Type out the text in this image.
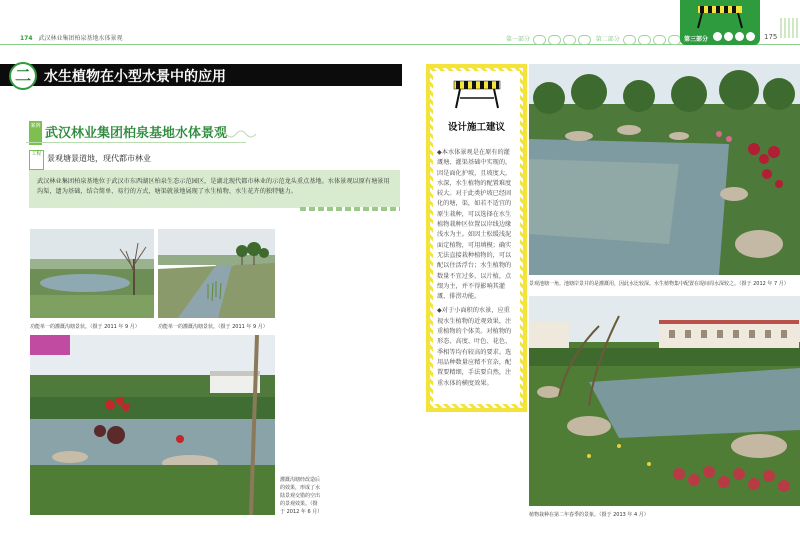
174 武汉林业集团柏泉基地水体景观	第一部分	第二部分	第三部分	175
二 水生植物在小型水景中的应用
案例 武汉林业集团柏泉基地水体景观
工程 景观塘景道地，现代都市林业
武汉林业集团柏泉基地位于武汉市东西湖区柏泉生态示范园区，是湖北现代都市林业的示范龙头重点基地。水体景观以原有塘景用沟渠，遗为基础，结合简单、易行的方式，塘渠就景地展现了水生植物、水生花卉的独特魅力。
功能单一的灌溉沟塘景状。（摄于 2011 年 9 月）	功能单一的灌溉沟塘景状。（摄于 2011 年 9 月）
灌溉沟塘经改造后的效果，形成了水陆景观交错的空出的景观效果。（摄于 2012 年 6 月）
设计施工建议

◆本水体景观是在原有的灌溉塘、灌渠基础中实现的，因是面化护坡，且坡度大，水深，水生植物的配置难度较大。对于此类护坡已经固化的塘，渠，如若不适宜的原生栽种，可以选择在水生植物栽种区位置以岸线边缘浅水为主。如因土松缓浅泥面定植物，可用填模；确实无法直接栽种植物的，可以配以住活浮台；水生植物的数量不宜过多，以片植，点缀为主，并不得影响其灌溉、排涝功能。

◆对于小面积的水景，应重视水生植物的近观效果，注重植物的个体美。对植物的形态、高度、叶色、花色、季相等均有较高的要求。选用品种数量应精不宜杂，配置要精细，手法要自然，注重水体的横度效果。

景观池塘一角。池塘岸景并的是灌溉用，因此水比较深。水生植物集中配置在堤间周水深较之。（摄于 2012 年 7 月）
植物栽种在第二年春季的景象。（摄于 2013 年 4 月）
